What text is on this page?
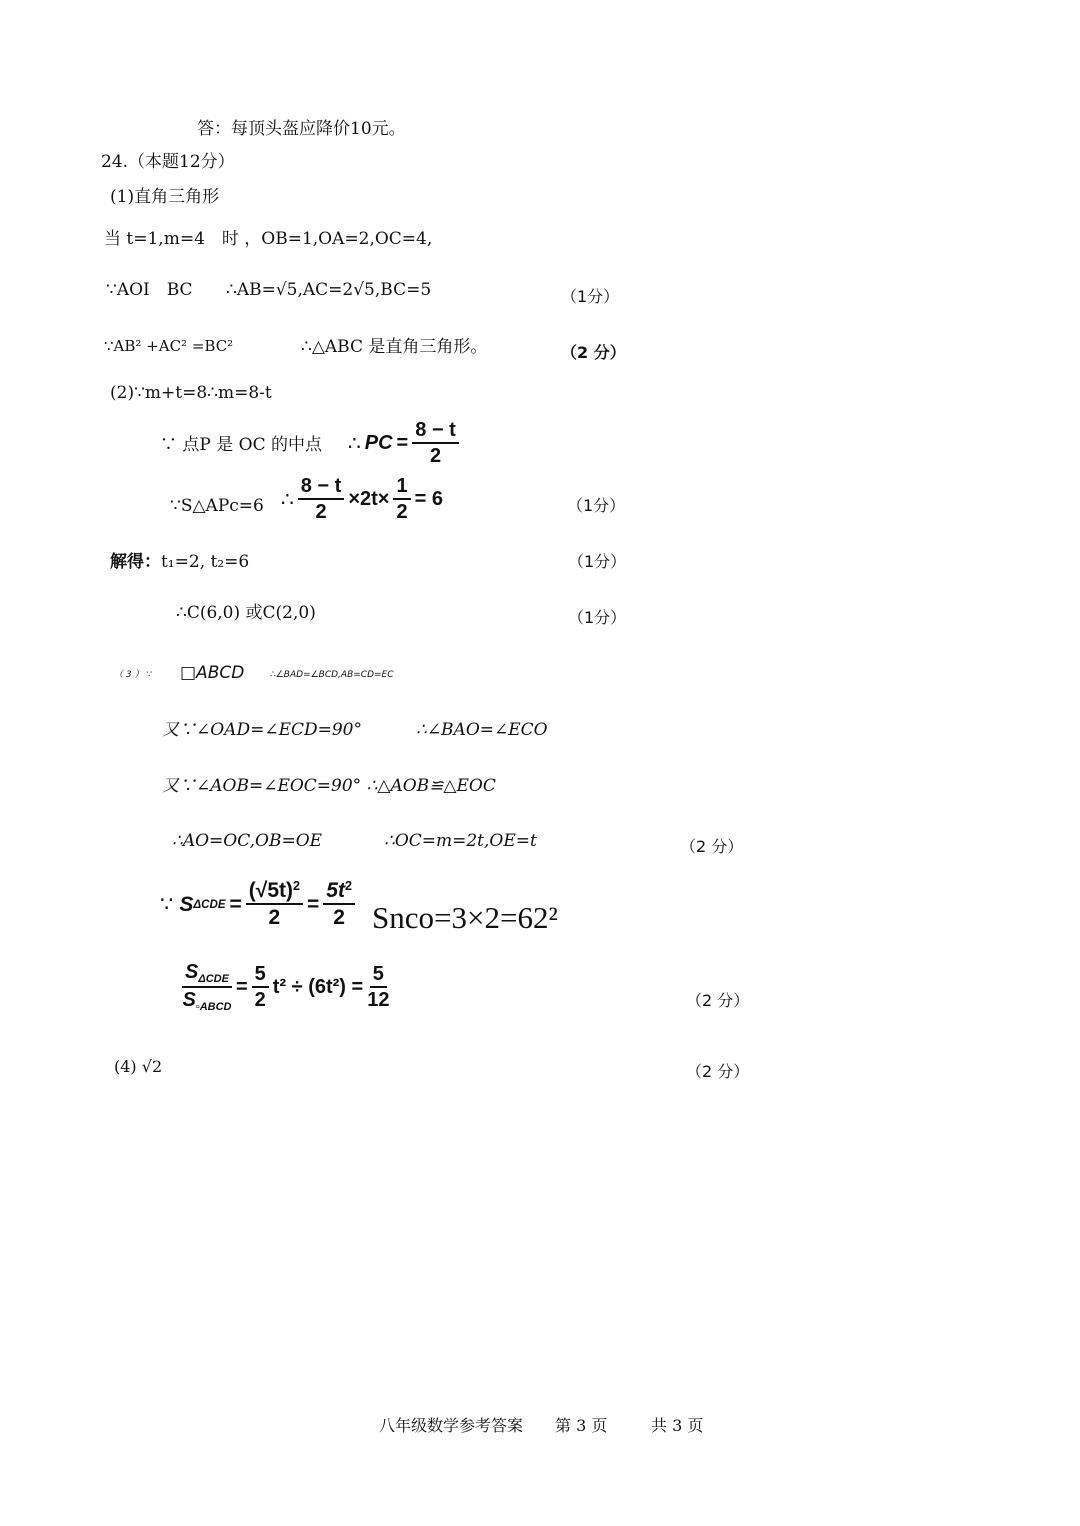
答：每顶头盔应降价10元。
24.（本题12分）
(1)直角三角形
当 t=1,m=4　时 ，OB=1,OA=2,OC=4,
∵AOI　BC ∴AB=√5,AC=2√5,BC=5	（1分）
∵AB² +AC² =BC²	∴△ABC 是直角三角形。	（2 分）
(2)∵m+t=8∴m=8-t
∵ 点P 是 OC 的中点 ∴ PC = $\frac{8 - t}{2}$
∵S△APc=6 ∴ $\frac{8 - t}{2} \times 2t\times \frac{1}{2} = 6$	（1分）
解得：t₁=2, t₂=6	（1分）
∴C(6,0) 或C(2,0)	（1分）
（ 3 ） ∵ □ABCD	∴∠BAD=∠BCD,AB=CD=EC
又∵∠OAD=∠ECD=90°	∴∠BAO=∠ECO
又∵∠AOB=∠EOC=90° ∴△AOB≌△EOC
∴AO=OC,OB=OE	∴OC=m=2t,OE=t	（2 分）
∵ S $\Delta CDE = \frac{(√5t)^2}{2} = \frac{5t^2}{2}$ Snco=3×2=62²
$\frac{S_{\Delta CDE}}{S_{▫ABCD}} = \frac{5}{2} t^2 \div (6t^2) = \frac{5}{12}$	（2 分）
(4) √2	（2 分）
八年级数学参考答案 第 3 页	共 3 页
